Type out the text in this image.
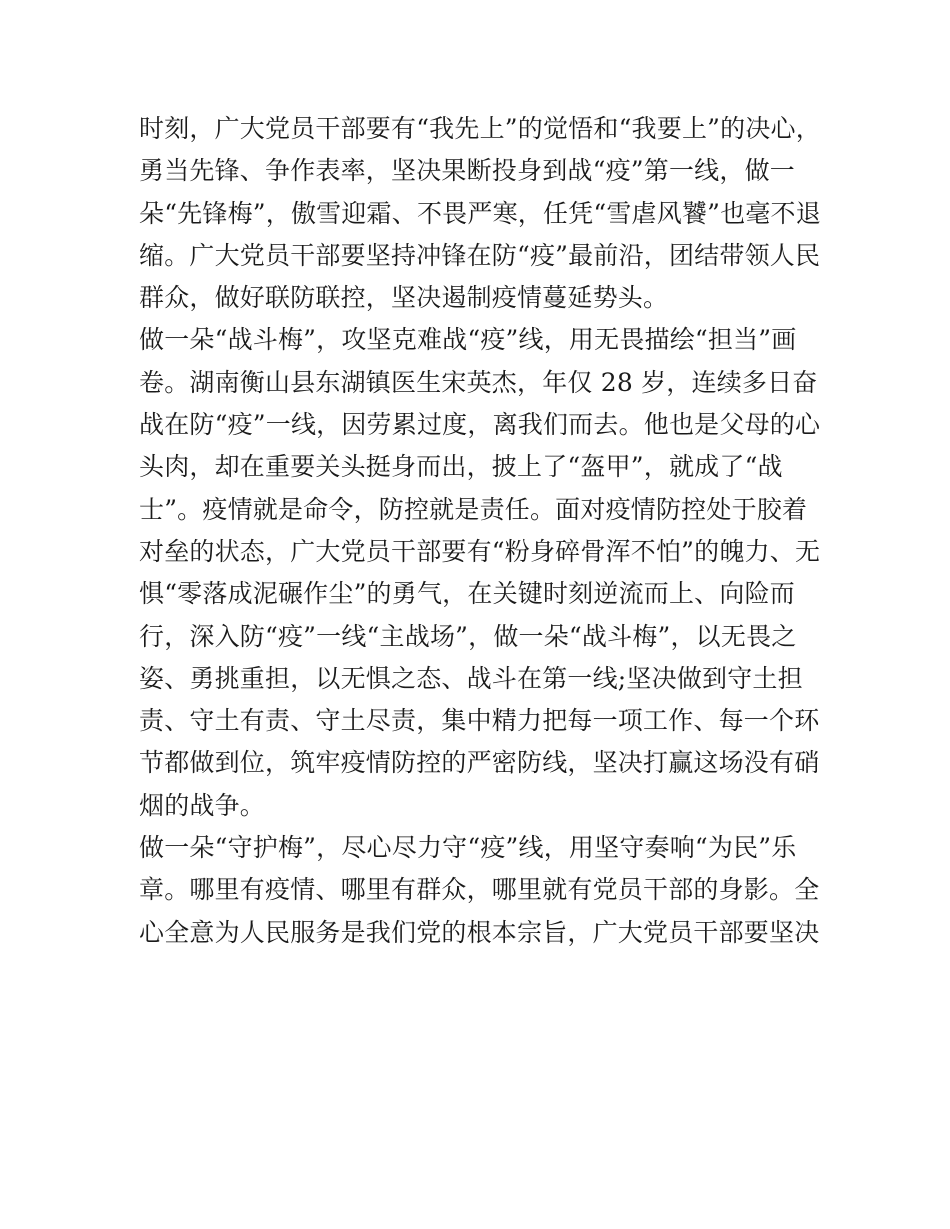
时刻，广大党员干部要有“我先上”的觉悟和“我要上”的决心，
勇当先锋、争作表率，坚决果断投身到战“疫”第一线，做一
朵“先锋梅”，傲雪迎霜、不畏严寒，任凭“雪虐风饕”也毫不退
缩。广大党员干部要坚持冲锋在防“疫”最前沿，团结带领人民
群众，做好联防联控，坚决遏制疫情蔓延势头。
做一朵“战斗梅”，攻坚克难战“疫”线，用无畏描绘“担当”画
卷。湖南衡山县东湖镇医生宋英杰，年仅 28 岁，连续多日奋
战在防“疫”一线，因劳累过度，离我们而去。他也是父母的心
头肉，却在重要关头挺身而出，披上了“盔甲”，就成了“战
士”。疫情就是命令，防控就是责任。面对疫情防控处于胶着
对垒的状态，广大党员干部要有“粉身碎骨浑不怕”的魄力、无
惧“零落成泥碾作尘”的勇气，在关键时刻逆流而上、向险而
行，深入防“疫”一线“主战场”，做一朵“战斗梅”，以无畏之
姿、勇挑重担，以无惧之态、战斗在第一线;坚决做到守土担
责、守土有责、守土尽责，集中精力把每一项工作、每一个环
节都做到位，筑牢疫情防控的严密防线，坚决打赢这场没有硝
烟的战争。
做一朵“守护梅”，尽心尽力守“疫”线，用坚守奏响“为民”乐
章。哪里有疫情、哪里有群众，哪里就有党员干部的身影。全
心全意为人民服务是我们党的根本宗旨，广大党员干部要坚决
